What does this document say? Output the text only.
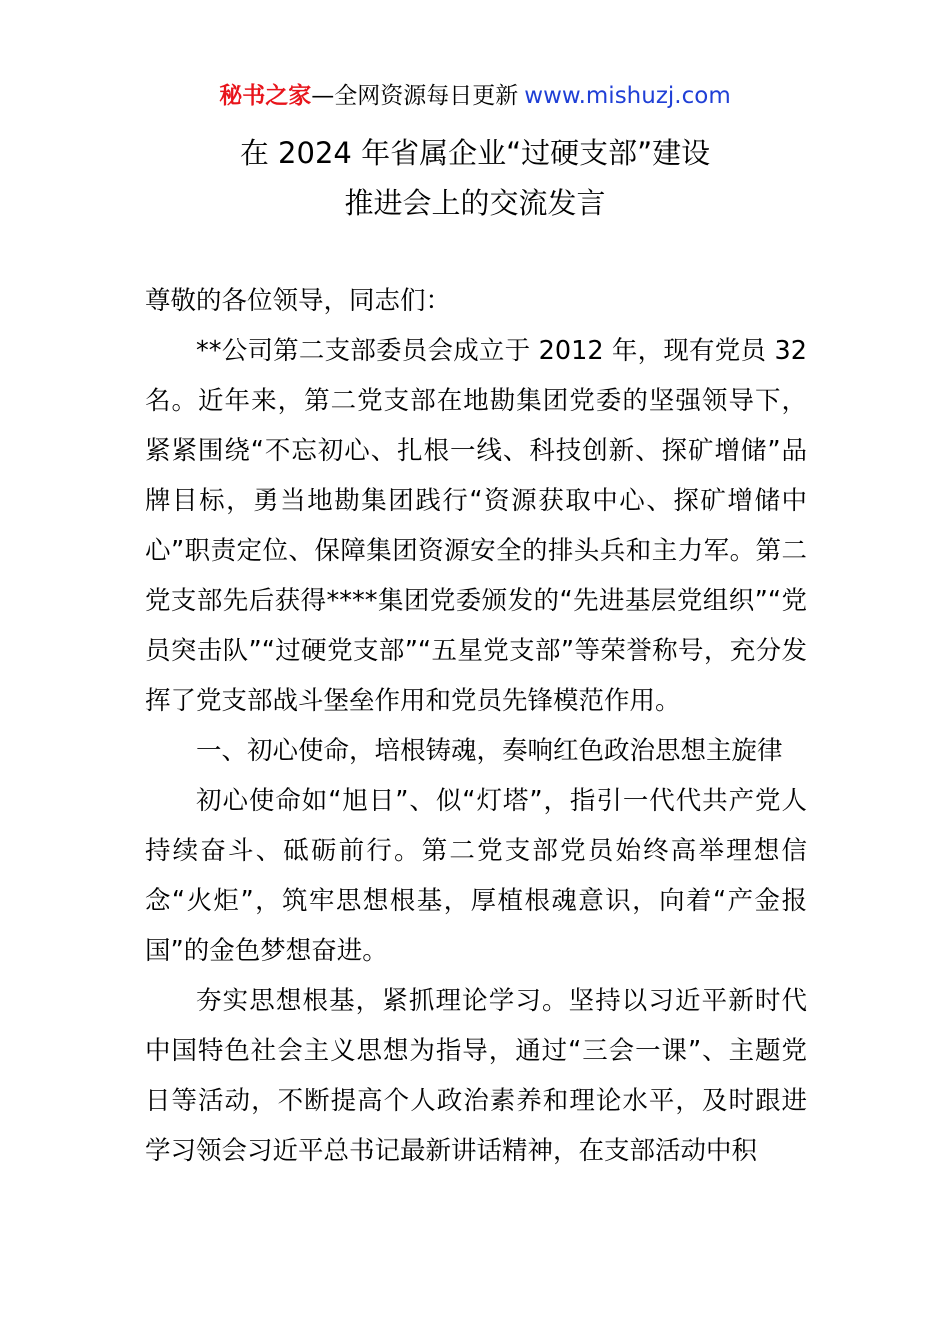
秘书之家—全网资源每日更新 www.mishuzj.com
在 2024 年省属企业“过硬支部”建设
推进会上的交流发言

尊敬的各位领导，同志们：

**公司第二支部委员会成立于 2012 年，现有党员 32 名。近年来，第二党支部在地勘集团党委的坚强领导下，紧紧围绕“不忘初心、扎根一线、科技创新、探矿增储”品牌目标，勇当地勘集团践行“资源获取中心、探矿增储中心”职责定位、保障集团资源安全的排头兵和主力军。第二党支部先后获得****集团党委颁发的“先进基层党组织”“党员突击队”“过硬党支部”“五星党支部”等荣誉称号，充分发挥了党支部战斗堡垒作用和党员先锋模范作用。

一、初心使命，培根铸魂，奏响红色政治思想主旋律

初心使命如“旭日”、似“灯塔”，指引一代代共产党人持续奋斗、砥砺前行。第二党支部党员始终高举理想信念“火炬”，筑牢思想根基，厚植根魂意识，向着“产金报国”的金色梦想奋进。

夯实思想根基，紧抓理论学习。坚持以习近平新时代中国特色社会主义思想为指导，通过“三会一课”、主题党日等活动，不断提高个人政治素养和理论水平，及时跟进学习领会习近平总书记最新讲话精神，在支部活动中积
